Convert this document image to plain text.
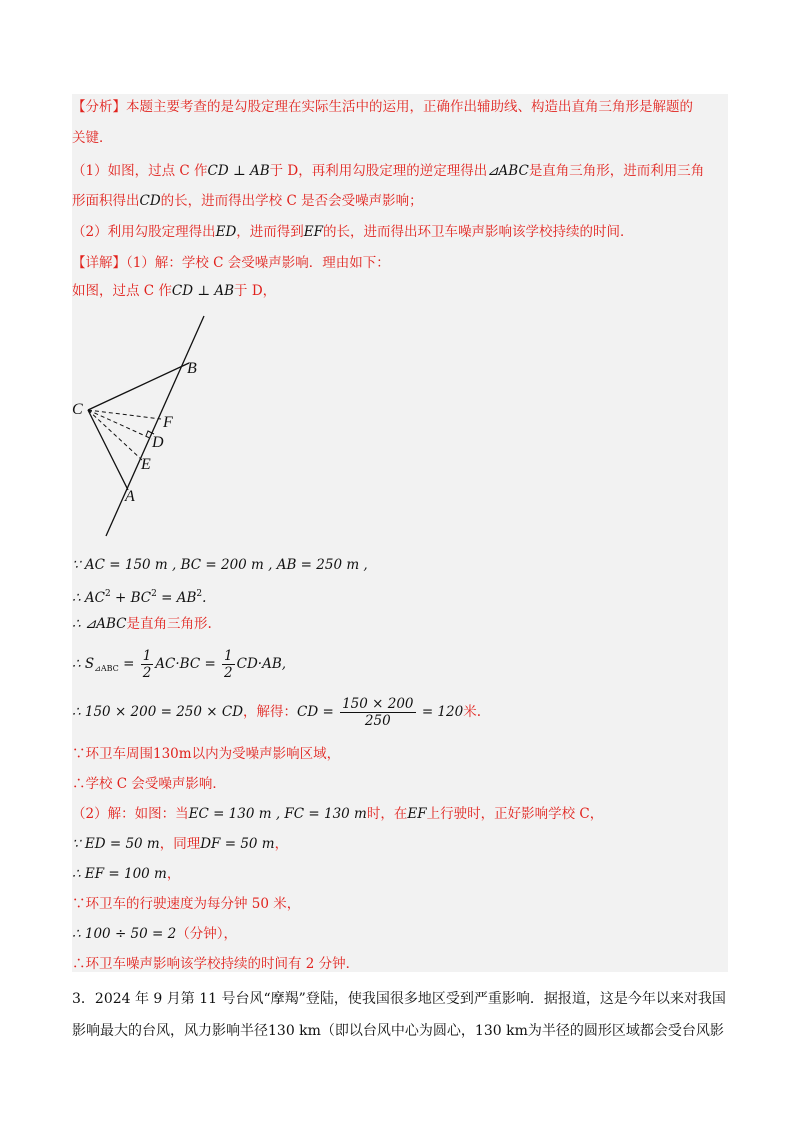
【分析】本题主要考查的是勾股定理在实际生活中的运用，正确作出辅助线、构造出直角三角形是解题的
关键．
（1）如图，过点 C 作CD ⊥ AB于 D，再利用勾股定理的逆定理得出⊿ABC是直角三角形，进而利用三角
形面积得出CD的长，进而得出学校 C 是否会受噪声影响；
（2）利用勾股定理得出ED，进而得到EF的长，进而得出环卫车噪声影响该学校持续的时间．
【详解】（1）解：学校 C 会受噪声影响．理由如下：
如图，过点 C 作CD ⊥ AB于 D，
C
B
F
D
E
A
∵ AC = 150 m , BC = 200 m , AB = 250 m ,
∴ $AC^2 + BC^2 = AB^2$.
∴ ⊿ABC是直角三角形.
∴ $S_{⊿ABC} = \frac{1}{2} AC\cdot BC = \frac{1}{2} CD\cdot AB$,
∴ 150 × 200 = 250 × CD，解得：CD = $\frac{150 \times 200}{250} = 120$米.
∵环卫车周围130m以内为受噪声影响区域，
∴学校 C 会受噪声影响．
（2）解：如图：当EC = 130 m , FC = 130 m时，在EF上行驶时，正好影响学校 C，
∵ ED = 50 m，同理DF = 50 m，
∴ EF = 100 m，
∵环卫车的行驶速度为每分钟 50 米，
∴ 100 ÷ 50 = 2（分钟），
∴环卫车噪声影响该学校持续的时间有 2 分钟．
3．2024 年 9 月第 11 号台风“摩羯”登陆，使我国很多地区受到严重影响．据报道，这是今年以来对我国
影响最大的台风，风力影响半径130 km（即以台风中心为圆心，130 km为半径的圆形区域都会受台风影
